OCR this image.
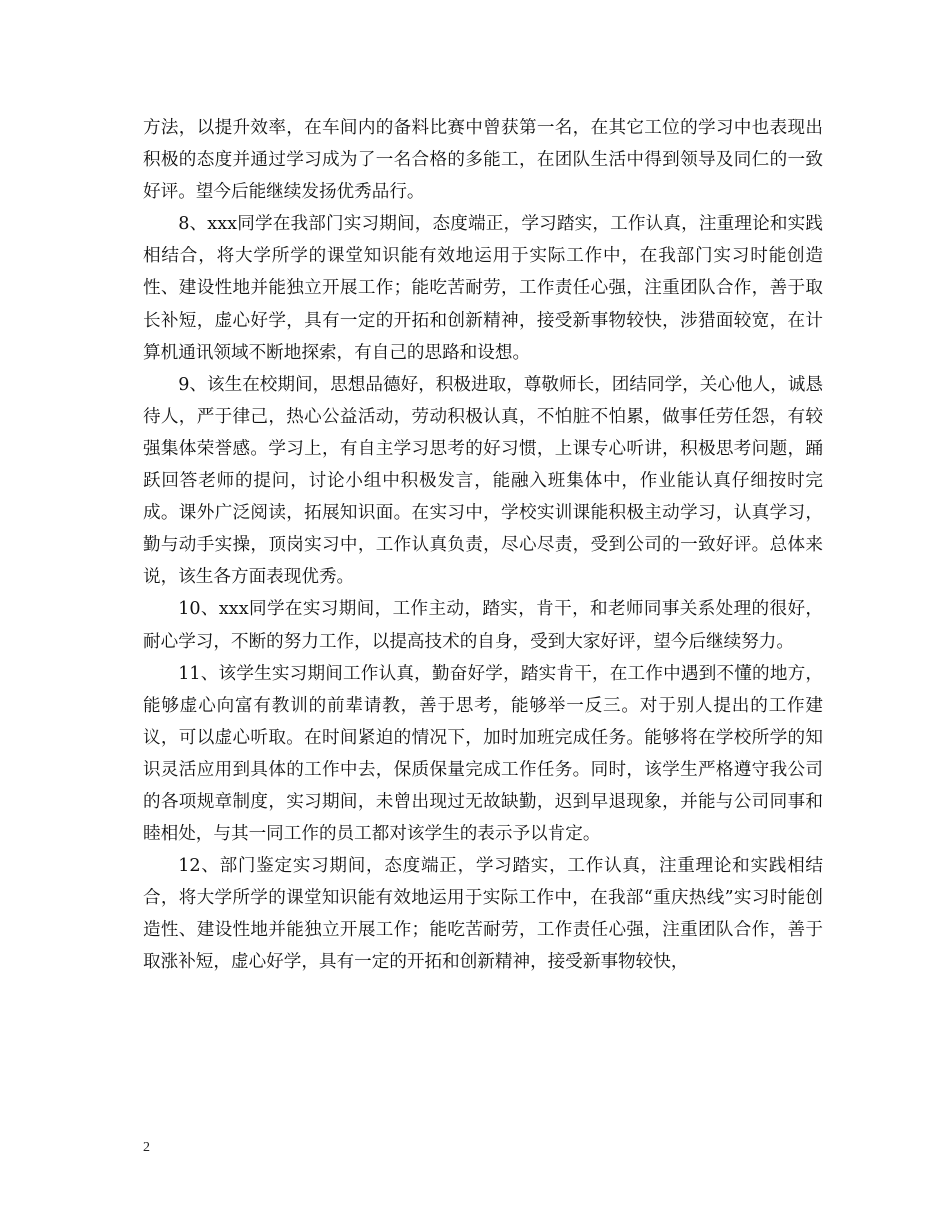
方法，以提升效率，在车间内的备料比赛中曾获第一名，在其它工位的学习中也表现出积极的态度并通过学习成为了一名合格的多能工，在团队生活中得到领导及同仁的一致好评。望今后能继续发扬优秀品行。

8、xxx同学在我部门实习期间，态度端正，学习踏实，工作认真，注重理论和实践相结合，将大学所学的课堂知识能有效地运用于实际工作中，在我部门实习时能创造性、建设性地并能独立开展工作；能吃苦耐劳，工作责任心强，注重团队合作，善于取长补短，虚心好学，具有一定的开拓和创新精神，接受新事物较快，涉猎面较宽，在计算机通讯领域不断地探索，有自己的思路和设想。

9、该生在校期间，思想品德好，积极进取，尊敬师长，团结同学，关心他人，诚恳待人，严于律己，热心公益活动，劳动积极认真，不怕脏不怕累，做事任劳任怨，有较强集体荣誉感。学习上，有自主学习思考的好习惯，上课专心听讲，积极思考问题，踊跃回答老师的提问，讨论小组中积极发言，能融入班集体中，作业能认真仔细按时完成。课外广泛阅读，拓展知识面。在实习中，学校实训课能积极主动学习，认真学习，勤与动手实操，顶岗实习中，工作认真负责，尽心尽责，受到公司的一致好评。总体来说，该生各方面表现优秀。

10、xxx同学在实习期间，工作主动，踏实，肯干，和老师同事关系处理的很好，耐心学习，不断的努力工作，以提高技术的自身，受到大家好评，望今后继续努力。

11、该学生实习期间工作认真，勤奋好学，踏实肯干，在工作中遇到不懂的地方，能够虚心向富有教训的前辈请教，善于思考，能够举一反三。对于别人提出的工作建议，可以虚心听取。在时间紧迫的情况下，加时加班完成任务。能够将在学校所学的知识灵活应用到具体的工作中去，保质保量完成工作任务。同时，该学生严格遵守我公司的各项规章制度，实习期间，未曾出现过无故缺勤，迟到早退现象，并能与公司同事和睦相处，与其一同工作的员工都对该学生的表示予以肯定。

12、部门鉴定实习期间，态度端正，学习踏实，工作认真，注重理论和实践相结合，将大学所学的课堂知识能有效地运用于实际工作中，在我部“重庆热线”实习时能创造性、建设性地并能独立开展工作；能吃苦耐劳，工作责任心强，注重团队合作，善于取涨补短，虚心好学，具有一定的开拓和创新精神，接受新事物较快，

2
